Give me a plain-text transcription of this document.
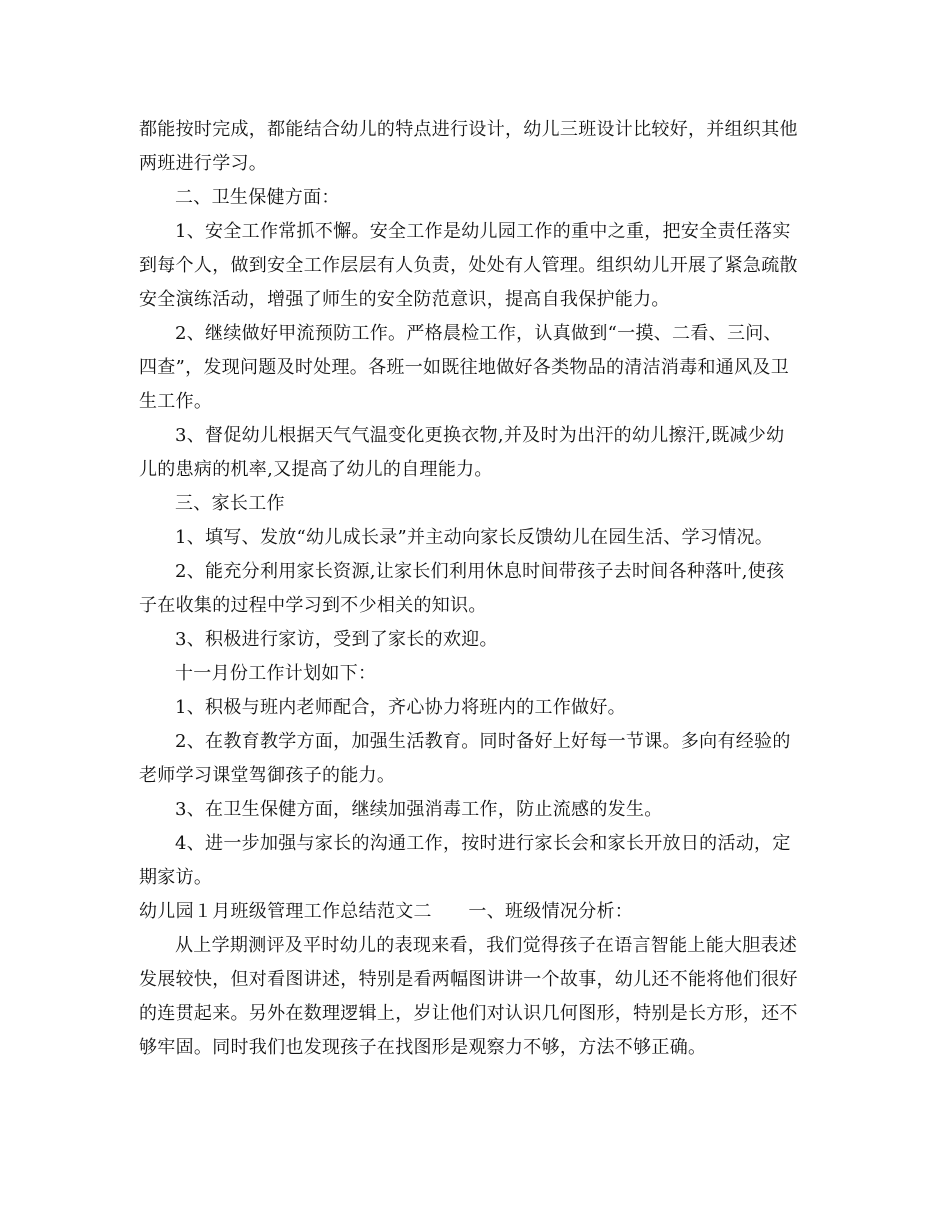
都能按时完成，都能结合幼儿的特点进行设计，幼儿三班设计比较好，并组织其他
两班进行学习。
二、卫生保健方面：
1、安全工作常抓不懈。安全工作是幼儿园工作的重中之重，把安全责任落实
到每个人，做到安全工作层层有人负责，处处有人管理。组织幼儿开展了紧急疏散
安全演练活动，增强了师生的安全防范意识，提高自我保护能力。
2、继续做好甲流预防工作。严格晨检工作，认真做到“一摸、二看、三问、
四查”，发现问题及时处理。各班一如既往地做好各类物品的清洁消毒和通风及卫
生工作。
3、督促幼儿根据天气气温变化更换衣物,并及时为出汗的幼儿擦汗,既减少幼
儿的患病的机率,又提高了幼儿的自理能力。
三、家长工作
1、填写、发放“幼儿成长录”并主动向家长反馈幼儿在园生活、学习情况。
2、能充分利用家长资源,让家长们利用休息时间带孩子去时间各种落叶,使孩
子在收集的过程中学习到不少相关的知识。
3、积极进行家访，受到了家长的欢迎。
十一月份工作计划如下：
1、积极与班内老师配合，齐心协力将班内的工作做好。
2、在教育教学方面，加强生活教育。同时备好上好每一节课。多向有经验的
老师学习课堂驾御孩子的能力。
3、在卫生保健方面，继续加强消毒工作，防止流感的发生。
4、进一步加强与家长的沟通工作，按时进行家长会和家长开放日的活动，定
期家访。
幼儿园１月班级管理工作总结范文二　　一、班级情况分析：
从上学期测评及平时幼儿的表现来看，我们觉得孩子在语言智能上能大胆表述
发展较快，但对看图讲述，特别是看两幅图讲讲一个故事，幼儿还不能将他们很好
的连贯起来。另外在数理逻辑上，岁让他们对认识几何图形，特别是长方形，还不
够牢固。同时我们也发现孩子在找图形是观察力不够，方法不够正确。
